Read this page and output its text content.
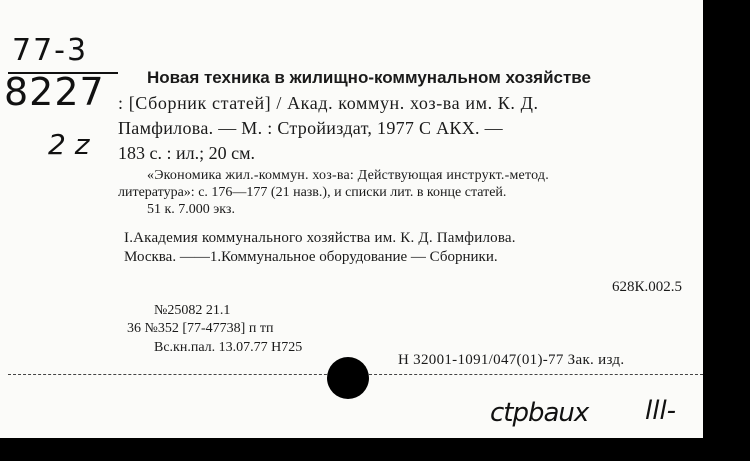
77-3
8227
2 z
Новая техника в жилищно-коммунальном хозяйстве
: [Сборник статей] / Акад. коммун. хоз-ва им. К. Д.
Памфилова. — М. : Стройиздат, 1977 С АКХ. —
183 с. : ил.; 20 см.
«Экономика жил.-коммун. хоз-ва: Действующая инструкт.-метод.
литература»: с. 176—177 (21 назв.), и списки лит. в конце статей.
51 к. 7.000 экз.
I.Академия коммунального хозяйства им. К. Д. Памфилова.
Москва. ——1.Коммунальное оборудование — Сборники.
628К.002.5
№25082 21.1
36 №352 [77-47738] п тп
Вс.кн.пал. 13.07.77 Н725
Н 32001-1091/047(01)-77 Зак. изд.
ctpbaux lll-
